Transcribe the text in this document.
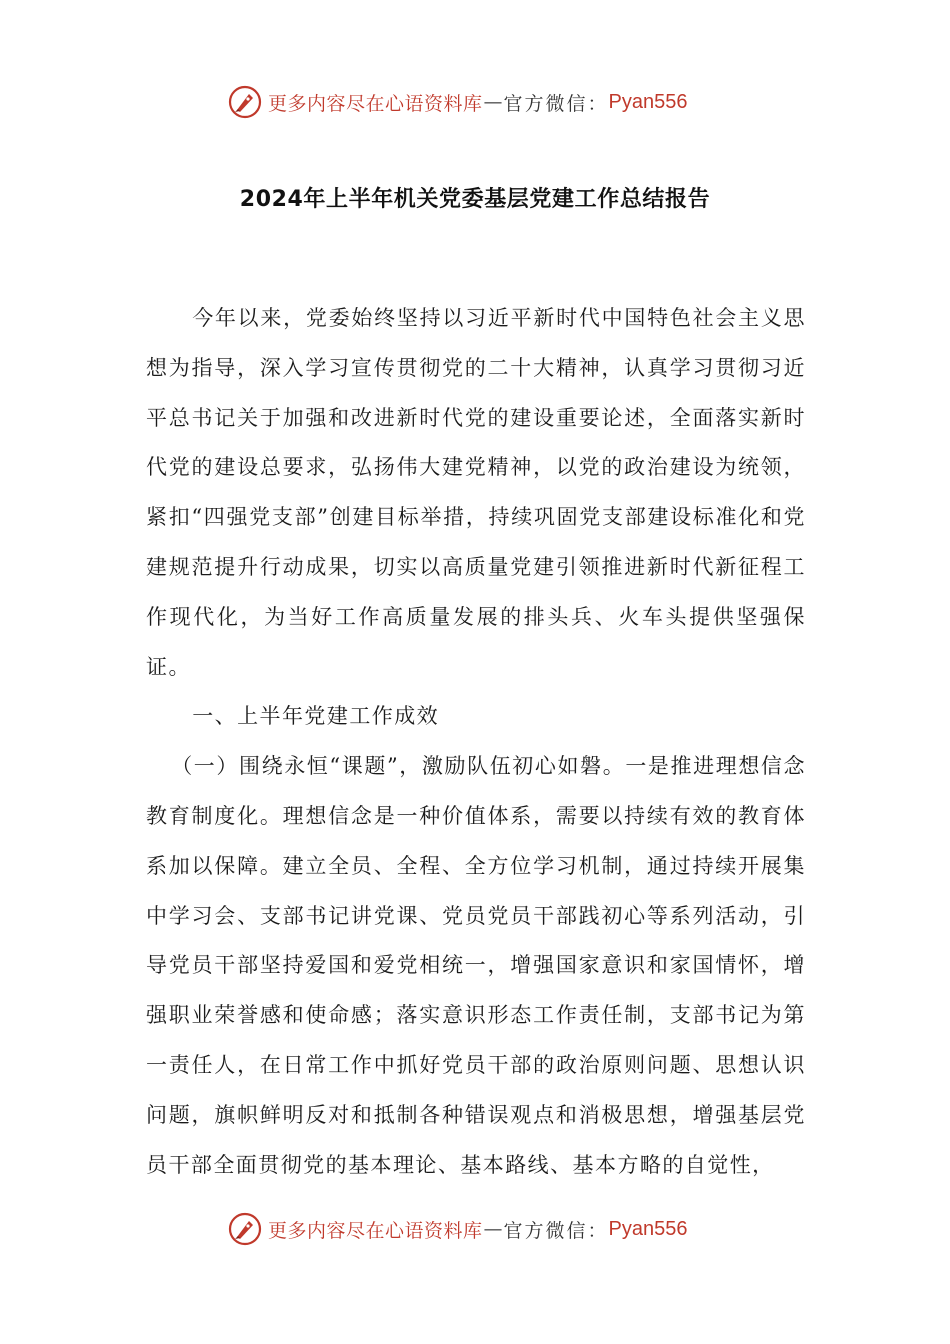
更多内容尽在心语资料库 — 官方微信： Pyan556
2024年上半年机关党委基层党建工作总结报告

今年以来，党委始终坚持以习近平新时代中国特色社会主义思想为指导，深入学习宣传贯彻党的二十大精神，认真学习贯彻习近平总书记关于加强和改进新时代党的建设重要论述，全面落实新时代党的建设总要求，弘扬伟大建党精神，以党的政治建设为统领，紧扣“四强党支部”创建目标举措，持续巩固党支部建设标准化和党建规范提升行动成果，切实以高质量党建引领推进新时代新征程工作现代化，为当好工作高质量发展的排头兵、火车头提供坚强保证。

一、上半年党建工作成效

（一）围绕永恒“课题”，激励队伍初心如磐。一是推进理想信念教育制度化。理想信念是一种价值体系，需要以持续有效的教育体系加以保障。建立全员、全程、全方位学习机制，通过持续开展集中学习会、支部书记讲党课、党员党员干部践初心等系列活动，引导党员干部坚持爱国和爱党相统一，增强国家意识和家国情怀，增强职业荣誉感和使命感；落实意识形态工作责任制，支部书记为第一责任人，在日常工作中抓好党员干部的政治原则问题、思想认识问题，旗帜鲜明反对和抵制各种错误观点和消极思想，增强基层党员干部全面贯彻党的基本理论、基本路线、基本方略的自觉性，

更多内容尽在心语资料库 — 官方微信： Pyan556
